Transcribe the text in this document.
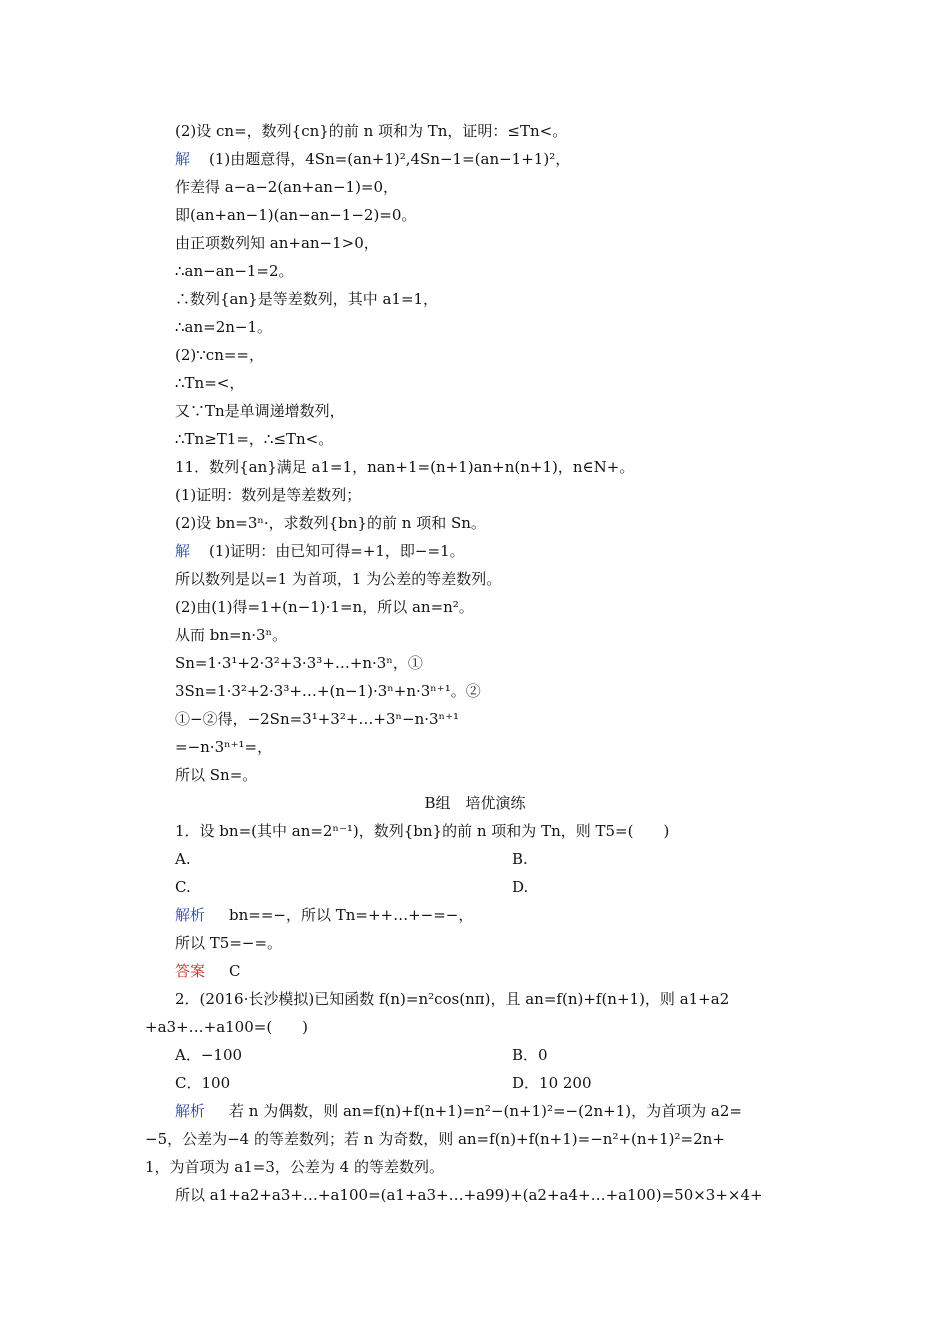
(2)设 cn=，数列{cn}的前 n 项和为 Tn，证明：≤Tn<。
解 (1)由题意得，4Sn=(an+1)²,4Sn−1=(an−1+1)²，
作差得 a−a−2(an+an−1)=0，
即(an+an−1)(an−an−1−2)=0。
由正项数列知 an+an−1>0，
∴an−an−1=2。
∴数列{an}是等差数列，其中 a1=1，
∴an=2n−1。
(2)∵cn==，
∴Tn=<，
又∵Tn是单调递增数列，
∴Tn≥T1=，∴≤Tn<。
11．数列{an}满足 a1=1，nan+1=(n+1)an+n(n+1)，n∈N+。
(1)证明：数列是等差数列；
(2)设 bn=3ⁿ·，求数列{bn}的前 n 项和 Sn。
解 (1)证明：由已知可得=+1，即−=1。
所以数列是以=1 为首项，1 为公差的等差数列。
(2)由(1)得=1+(n−1)·1=n，所以 an=n²。
从而 bn=n·3ⁿ。
Sn=1·3¹+2·3²+3·3³+…+n·3ⁿ，①
3Sn=1·3²+2·3³+…+(n−1)·3ⁿ+n·3ⁿ⁺¹。②
①−②得，−2Sn=3¹+3²+…+3ⁿ−n·3ⁿ⁺¹
=−n·3ⁿ⁺¹=，
所以 Sn=。
B组　培优演练
1．设 bn=(其中 an=2ⁿ⁻¹)，数列{bn}的前 n 项和为 Tn，则 T5=(　　)
A.	B.
C.	D.
解析 bn==−，所以 Tn=++…+−=−，
所以 T5=−=。
答案 C
2．(2016·长沙模拟)已知函数 f(n)=n²cos(nπ)，且 an=f(n)+f(n+1)，则 a1+a2
+a3+…+a100=(　　)
A．−100	B．0
C．100	D．10 200
解析 若 n 为偶数，则 an=f(n)+f(n+1)=n²−(n+1)²=−(2n+1)，为首项为 a2=
−5，公差为−4 的等差数列；若 n 为奇数，则 an=f(n)+f(n+1)=−n²+(n+1)²=2n+
1，为首项为 a1=3，公差为 4 的等差数列。
所以 a1+a2+a3+…+a100=(a1+a3+…+a99)+(a2+a4+…+a100)=50×3+×4+
